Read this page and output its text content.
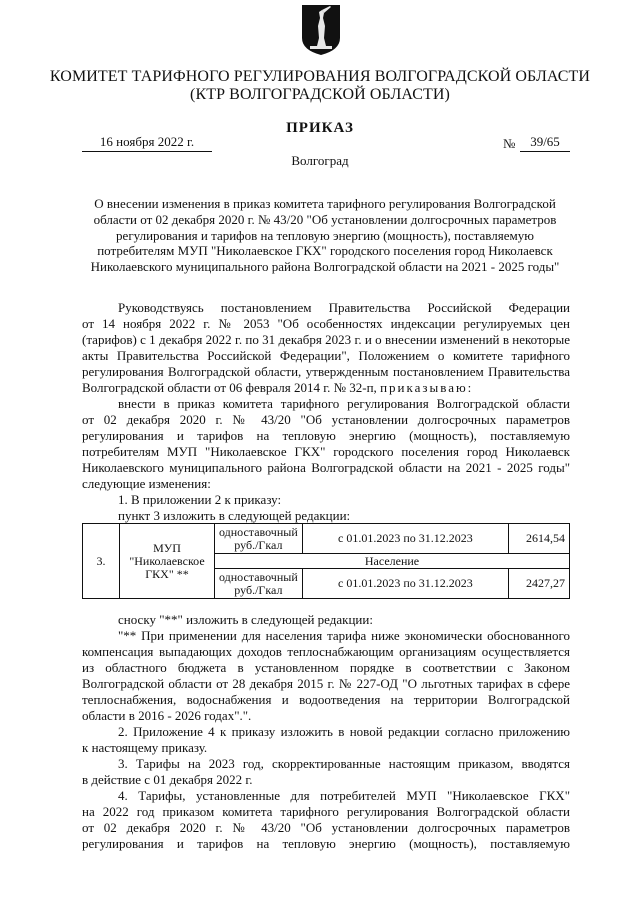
КОМИТЕТ ТАРИФНОГО РЕГУЛИРОВАНИЯ ВОЛГОГРАДСКОЙ ОБЛАСТИ
(КТР ВОЛГОГРАДСКОЙ ОБЛАСТИ)
ПРИКАЗ
16 ноября 2022 г.	№	39/65
Волгоград
О внесении изменения в приказ комитета тарифного регулирования Волгоградской
области от 02 декабря 2020 г. № 43/20 "Об установлении долгосрочных параметров
регулирования и тарифов на тепловую энергию (мощность), поставляемую
потребителям МУП "Николаевское ГКХ" городского поселения город Николаевск
Николаевского муниципального района Волгоградской области на 2021 - 2025 годы"
Руководствуясь постановлением Правительства Российской Федерации
от 14 ноября 2022 г. № 2053 "Об особенностях индексации регулируемых цен
(тарифов) с 1 декабря 2022 г. по 31 декабря 2023 г. и о внесении изменений в некоторые
акты Правительства Российской Федерации", Положением о комитете тарифного
регулирования Волгоградской области, утвержденным постановлением Правительства
Волгоградской области от 06 февраля 2014 г. № 32-п, приказываю:
внести в приказ комитета тарифного регулирования Волгоградской области
от 02 декабря 2020 г. № 43/20 "Об установлении долгосрочных параметров
регулирования и тарифов на тепловую энергию (мощность), поставляемую
потребителям МУП "Николаевское ГКХ" городского поселения город Николаевск
Николаевского муниципального района Волгоградской области на 2021 - 2025 годы"
следующие изменения:
1. В приложении 2 к приказу:
пункт 3 изложить в следующей редакции:
3.	МУП "Николаевское ГКХ" **	одноставочный руб./Гкал	с 01.01.2023 по 31.12.2023	2614,54
		Население		
		одноставочный руб./Гкал	с 01.01.2023 по 31.12.2023	2427,27
сноску "**" изложить в следующей редакции:
"** При применении для населения тарифа ниже экономически обоснованного
компенсация выпадающих доходов теплоснабжающим организациям осуществляется
из областного бюджета в установленном порядке в соответствии с Законом
Волгоградской области от 28 декабря 2015 г. № 227-ОД "О льготных тарифах в сфере
теплоснабжения, водоснабжения и водоотведения на территории Волгоградской
области в 2016 - 2026 годах".".
2. Приложение 4 к приказу изложить в новой редакции согласно приложению
к настоящему приказу.
3. Тарифы на 2023 год, скорректированные настоящим приказом, вводятся
в действие с 01 декабря 2022 г.
4. Тарифы, установленные для потребителей МУП "Николаевское ГКХ"
на 2022 год приказом комитета тарифного регулирования Волгоградской области
от 02 декабря 2020 г. № 43/20 "Об установлении долгосрочных параметров
регулирования и тарифов на тепловую энергию (мощность), поставляемую
